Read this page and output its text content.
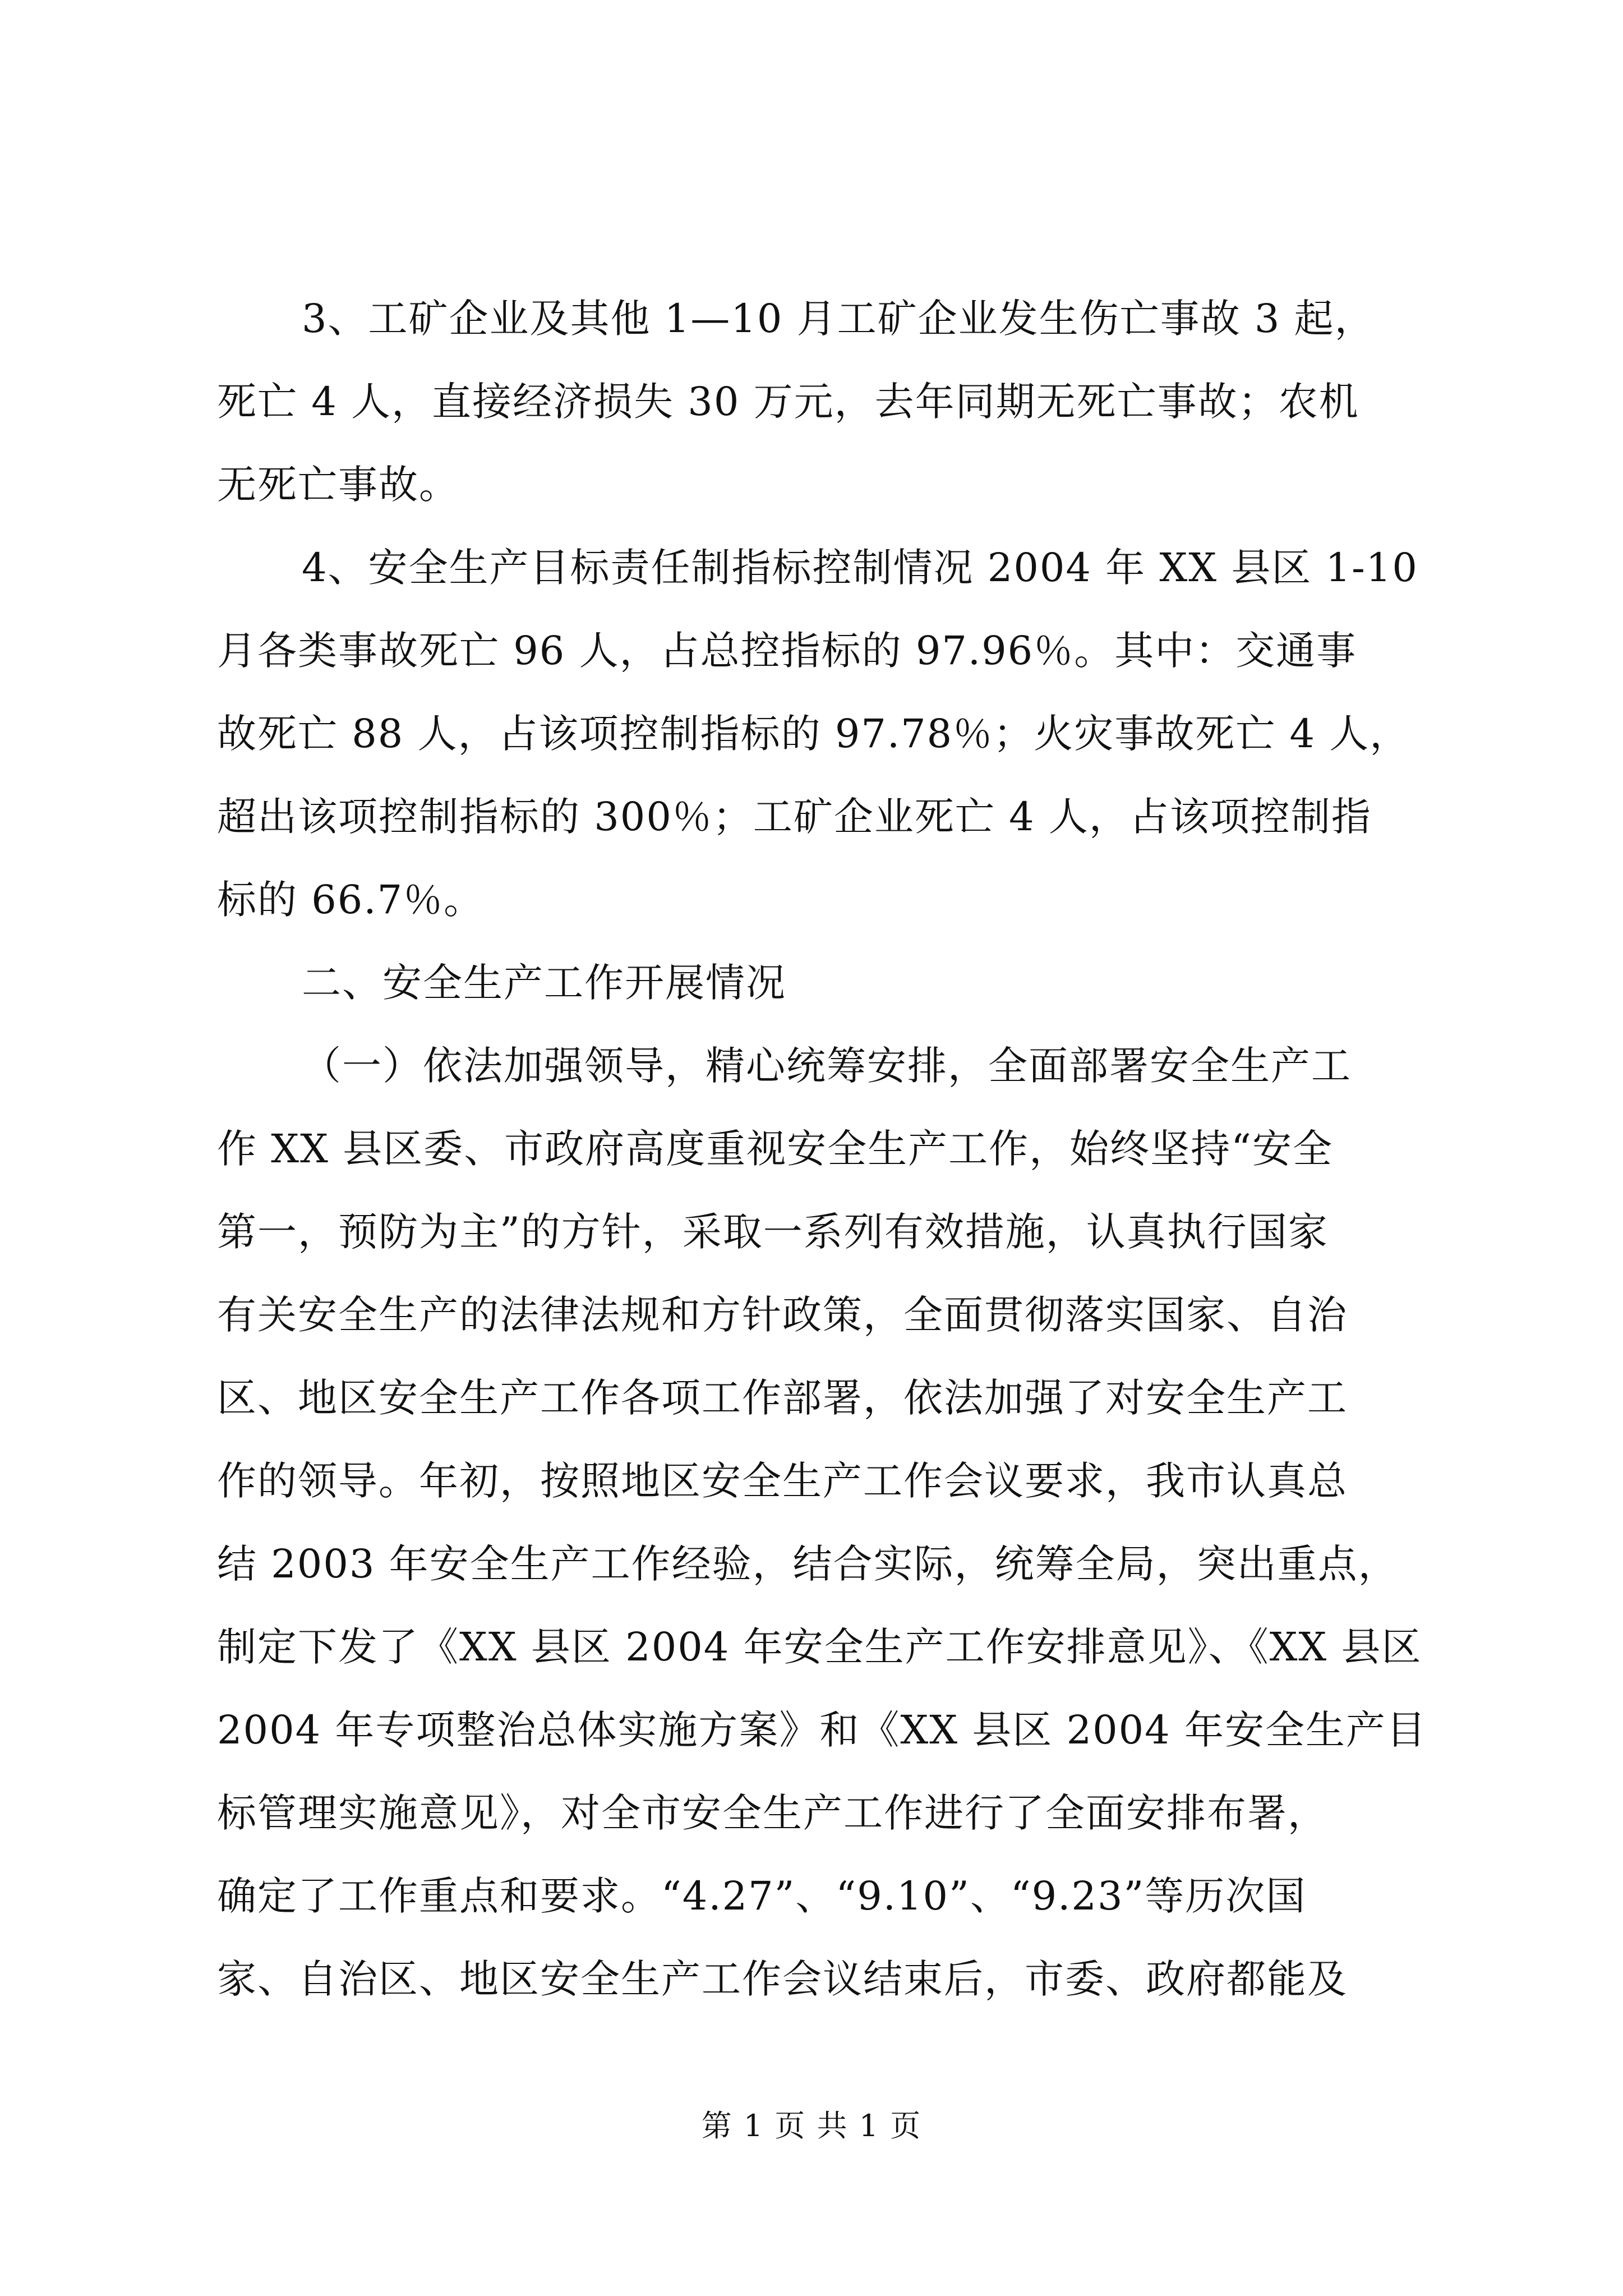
3、工矿企业及其他 1—10 月工矿企业发生伤亡事故 3 起，
死亡 4 人，直接经济损失 30 万元，去年同期无死亡事故；农机
无死亡事故。
4、安全生产目标责任制指标控制情况 2004 年 XX 县区 1-10
月各类事故死亡 96 人，占总控指标的 97.96％。其中：交通事
故死亡 88 人，占该项控制指标的 97.78％；火灾事故死亡 4 人，
超出该项控制指标的 300％；工矿企业死亡 4 人，占该项控制指
标的 66.7％。
二、安全生产工作开展情况
（一）依法加强领导，精心统筹安排，全面部署安全生产工
作 XX 县区委、市政府高度重视安全生产工作，始终坚持“安全
第一，预防为主”的方针，采取一系列有效措施，认真执行国家
有关安全生产的法律法规和方针政策，全面贯彻落实国家、自治
区、地区安全生产工作各项工作部署，依法加强了对安全生产工
作的领导。年初，按照地区安全生产工作会议要求，我市认真总
结 2003 年安全生产工作经验，结合实际，统筹全局，突出重点，
制定下发了《XX 县区 2004 年安全生产工作安排意见》、《XX 县区
2004 年专项整治总体实施方案》和《XX 县区 2004 年安全生产目
标管理实施意见》，对全市安全生产工作进行了全面安排布署，
确定了工作重点和要求。“4.27”、“9.10”、“9.23”等历次国
家、自治区、地区安全生产工作会议结束后，市委、政府都能及
第 1 页 共 1 页
